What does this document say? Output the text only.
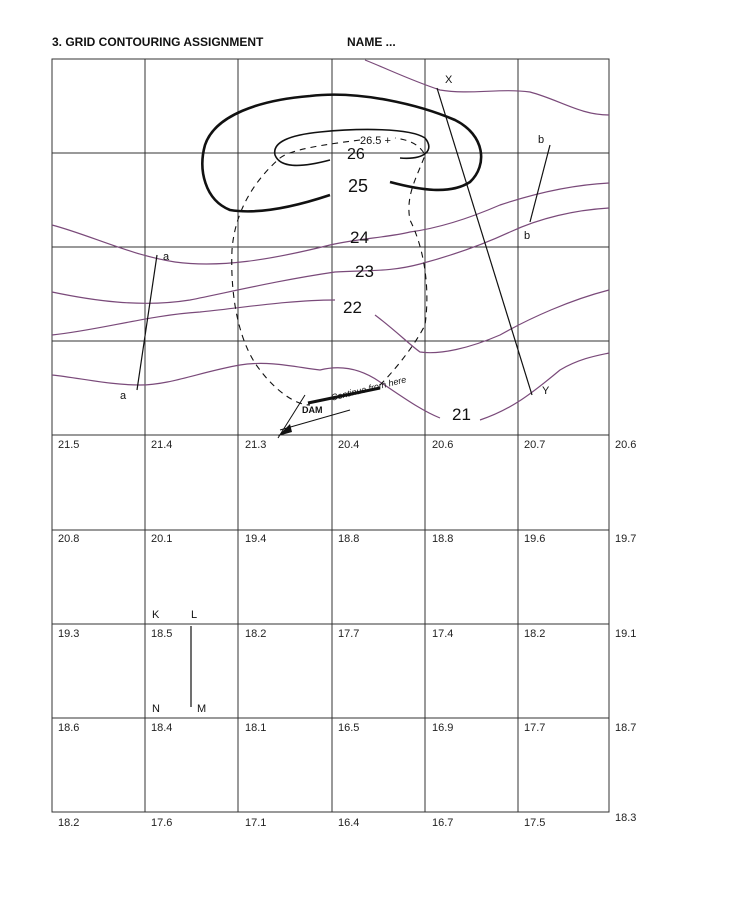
3. GRID CONTOURING ASSIGNMENT	NAME ...
26.5 +
26
25
24
23
22
21
DAM
Continue from here
a
a
b
b
X
Y
K	L
N	M
21.5	21.4	21.3	20.4	20.6	20.7	20.6
20.8	20.1	19.4	18.8	18.8	19.6	19.7
19.3	18.5	18.2	17.7	17.4	18.2	19.1
18.6	18.4	18.1	16.5	16.9	17.7	18.7
18.2	17.6	17.1	16.4	16.7	17.5	18.3
